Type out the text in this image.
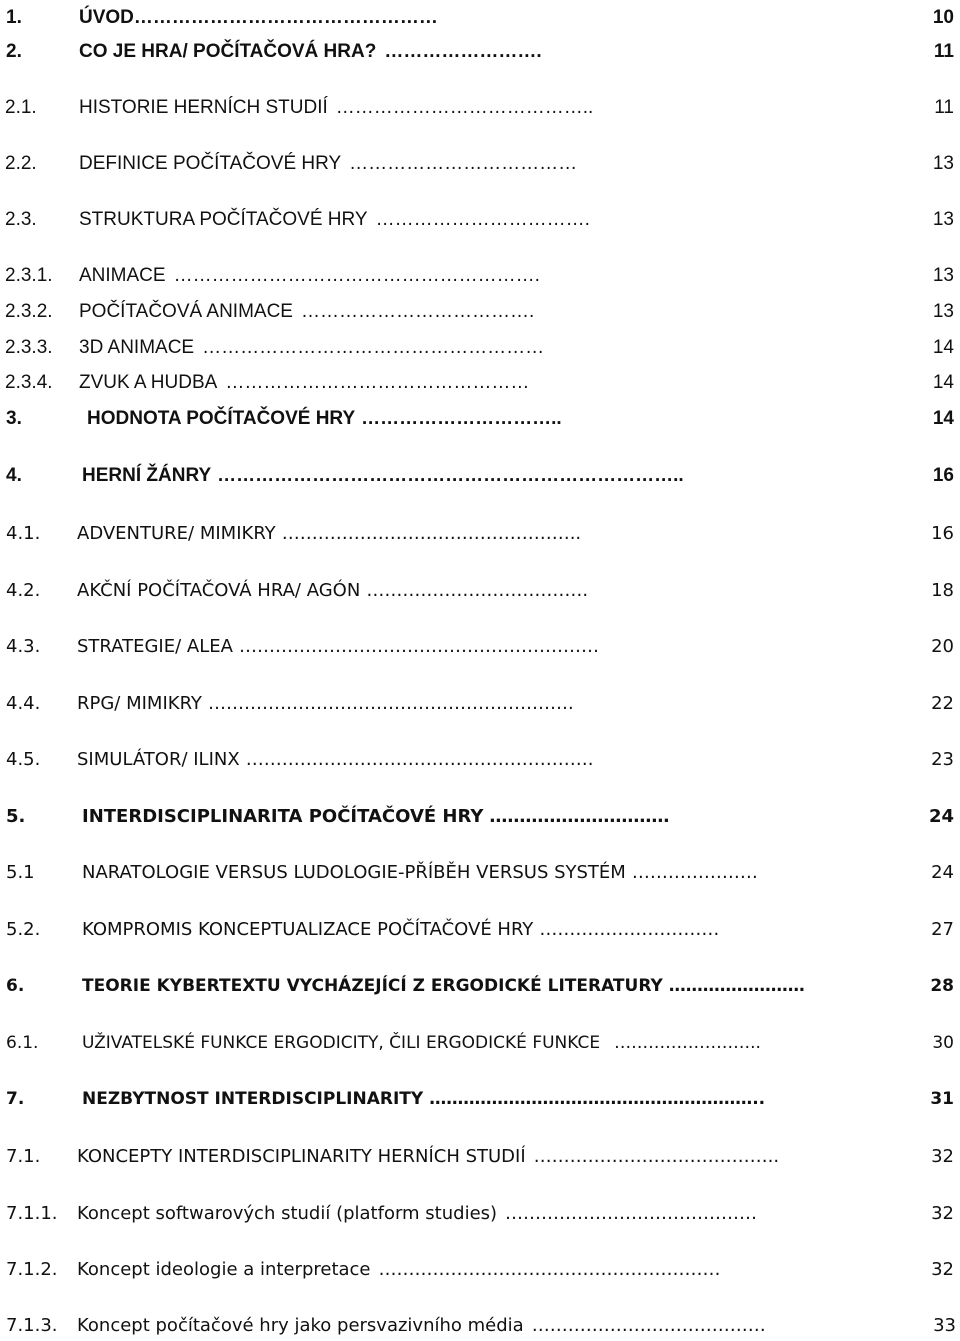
1.	ÚVOD …………………………………………	10
2.	CO JE HRA/ POČÍTAČOVÁ HRA? …………………….	11
2.1.	HISTORIE HERNÍCH STUDIÍ …………………………………..	11
2.2.	DEFINICE POČÍTAČOVÉ HRY ………………………………	13
2.3.	STRUKTURA POČÍTAČOVÉ HRY …………………………….	13
2.3.1.	ANIMACE ………………………………………………….	13
2.3.2.	POČÍTAČOVÁ ANIMACE ……………………………….	13
2.3.3.	3D ANIMACE ………………………………………………	14
2.3.4.	ZVUK A HUDBA …………………………………………	14
3.	HODNOTA POČÍTAČOVÉ HRY …………………………..	14
4.	HERNÍ ŽÁNRY ………………………………………………………………..	16
4.1.	ADVENTURE/ MIMIKRY …………………………………………..	16
4.2.	AKČNÍ POČÍTAČOVÁ HRA/ AGÓN ……………………………….	18
4.3.	STRATEGIE/ ALEA ……………………………………………………	20
4.4.	RPG/ MIMIKRY …………………………………………………….	22
4.5.	SIMULÁTOR/ ILINX ………………………………………………….	23
5.	INTERDISCIPLINARITA POČÍTAČOVÉ HRY …………………………	24
5.1	NARATOLOGIE VERSUS LUDOLOGIE-PŘÍBĚH VERSUS SYSTÉM …………………	24
5.2.	KOMPROMIS KONCEPTUALIZACE POČÍTAČOVÉ HRY …………………………	27
6.	TEORIE KYBERTEXTU VYCHÁZEJÍCÍ Z ERGODICKÉ LITERATURY ……………………	28
6.1.	UŽIVATELSKÉ FUNKCE ERGODICITY, ČILI ERGODICKÉ FUNKCE ……………………..	30
7.	NEZBYTNOST INTERDISCIPLINARITY …………………………………………………..	31
7.1.	KONCEPTY INTERDISCIPLINARITY HERNÍCH STUDIÍ …………………………………..	32
7.1.1.	Koncept softwarových studií (platform studies) ……………………………………	32
7.1.2.	Koncept ideologie a interpretace …………………………………………………	32
7.1.3.	Koncept počítačové hry jako persvazivního média …………………………………	33
